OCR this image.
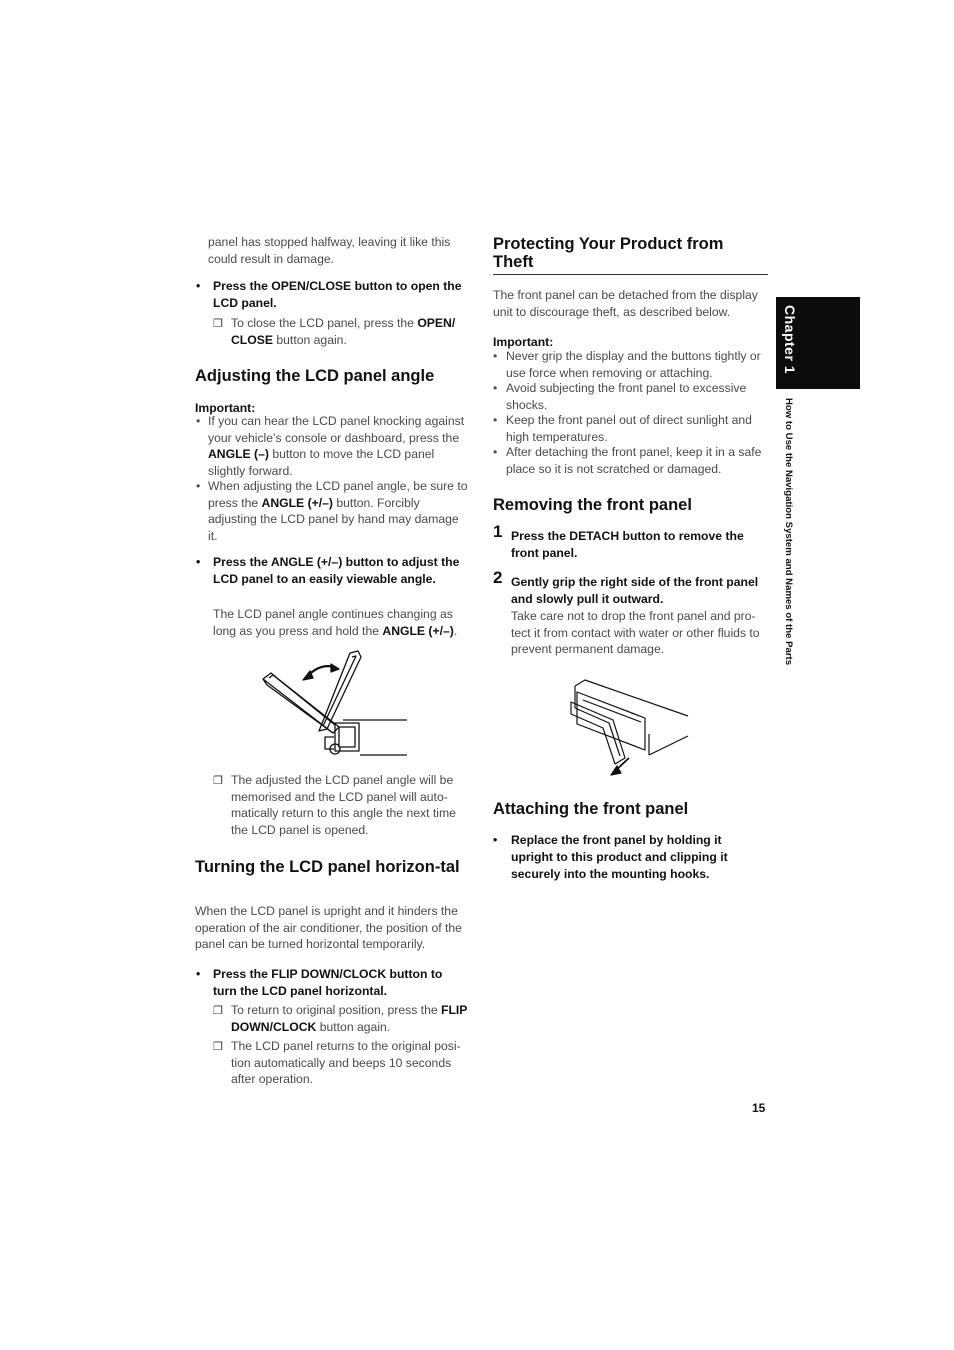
panel has stopped halfway, leaving it like this could result in damage.
• Press the OPEN/CLOSE button to open the LCD panel.
❐ To close the LCD panel, press the OPEN/
CLOSE button again.
Adjusting the LCD panel angle
Important:
• If you can hear the LCD panel knocking against your vehicle’s console or dashboard, press the ANGLE (–) button to move the LCD panel slightly forward.
• When adjusting the LCD panel angle, be sure to press the ANGLE (+/–) button. Forcibly adjusting the LCD panel by hand may damage it.
• Press the ANGLE (+/–) button to adjust the LCD panel to an easily viewable angle.
The LCD panel angle continues changing as long as you press and hold the ANGLE (+/–).
❐ The adjusted the LCD panel angle will be memorised and the LCD panel will auto-matically return to this angle the next time the LCD panel is opened.
Turning the LCD panel horizon-tal
When the LCD panel is upright and it hinders the operation of the air conditioner, the position of the panel can be turned horizontal temporarily.
• Press the FLIP DOWN/CLOCK button to turn the LCD panel horizontal.
❐ To return to original position, press the FLIP DOWN/CLOCK button again.
❐ The LCD panel returns to the original posi-tion automatically and beeps 10 seconds after operation.
Protecting Your Product from Theft
The front panel can be detached from the display unit to discourage theft, as described below.
Important:
• Never grip the display and the buttons tightly or use force when removing or attaching.
• Avoid subjecting the front panel to excessive shocks.
• Keep the front panel out of direct sunlight and high temperatures.
• After detaching the front panel, keep it in a safe place so it is not scratched or damaged.
Removing the front panel
1 Press the DETACH button to remove the front panel.
2 Gently grip the right side of the front panel and slowly pull it outward.
Take care not to drop the front panel and pro-tect it from contact with water or other fluids to prevent permanent damage.
Attaching the front panel
• Replace the front panel by holding it upright to this product and clipping it securely into the mounting hooks.
Chapter 1
How to Use the Navigation System and Names of the Parts
15
